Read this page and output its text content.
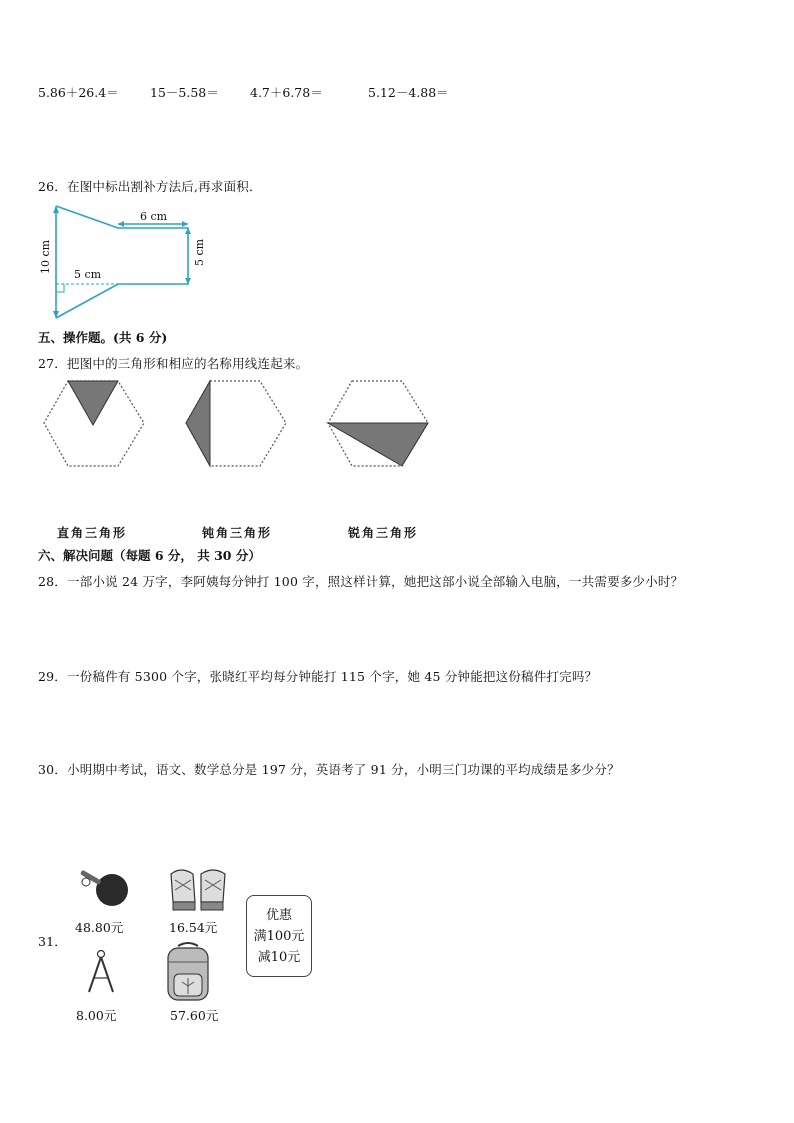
5.86＋26.4＝	15－5.58＝	4.7＋6.78＝	5.12－4.88＝
26．在图中标出割补方法后,再求面积．
6 cm
5 cm
10 cm
5 cm
五、操作题。(共 6 分)
27．把图中的三角形和相应的名称用线连起来。
直角三角形	钝角三角形	锐角三角形
六、解决问题（每题 6 分， 共 30 分）
28．一部小说 24 万字，李阿姨每分钟打 100 字，照这样计算，她把这部小说全部输入电脑，一共需要多少小时？
29．一份稿件有 5300 个字，张晓红平均每分钟能打 115 个字，她 45 分钟能把这份稿件打完吗？
30．小明期中考试，语文、数学总分是 197 分，英语考了 91 分，小明三门功课的平均成绩是多少分？
31．
48.80元	16.54元
8.00元	57.60元
优惠
满100元
减10元
